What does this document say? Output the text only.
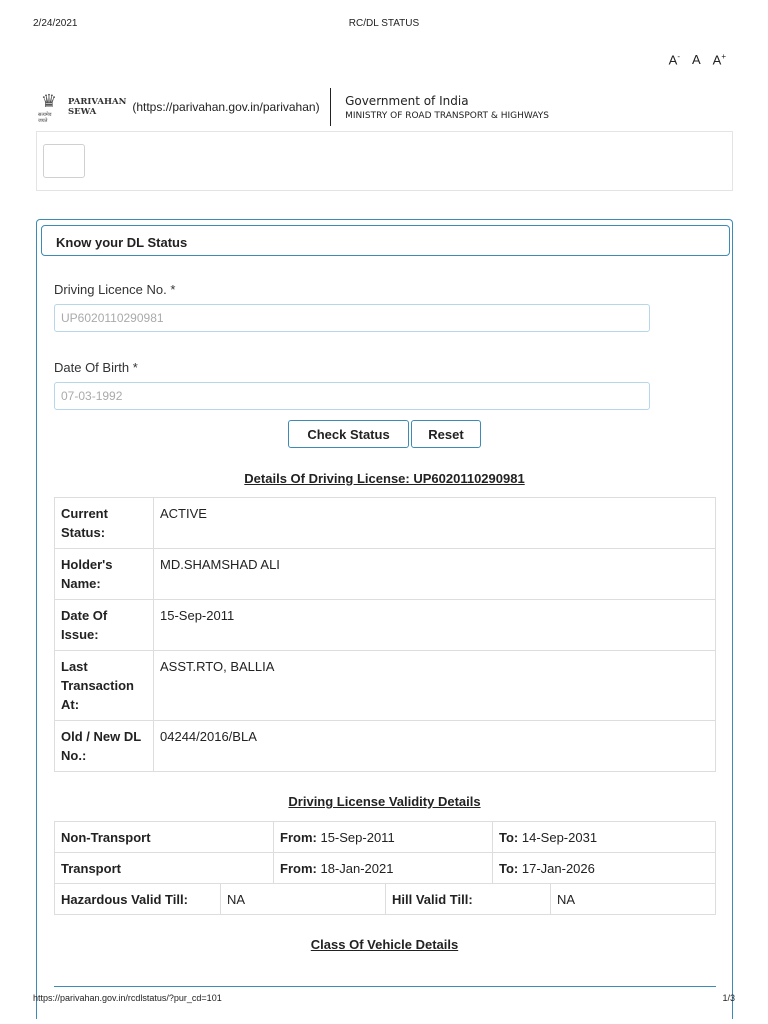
2/24/2021	RC/DL STATUS
A- A A+
♛
सत्यमेव जयते
PARIVAHAN
SEWA	(https://parivahan.gov.in/parivahan) Government of India
MINISTRY OF ROAD TRANSPORT & HIGHWAYS
Know your DL Status
Driving Licence No. *
UP6020110290981
Date Of Birth *
07-03-1992
Check Status	Reset
Details Of Driving License: UP6020110290981
Current Status:	ACTIVE
Holder's Name:	MD.SHAMSHAD ALI
Date Of Issue:	15-Sep-2011
Last Transaction At:	ASST.RTO, BALLIA
Old / New DL No.:	04244/2016/BLA
Driving License Validity Details
Non-Transport	From: 15-Sep-2011	To: 14-Sep-2031
Transport	From: 18-Jan-2021	To: 17-Jan-2026
Hazardous Valid Till:	NA	Hill Valid Till:	NA
Class Of Vehicle Details
https://parivahan.gov.in/rcdlstatus/?pur_cd=101	1/3
